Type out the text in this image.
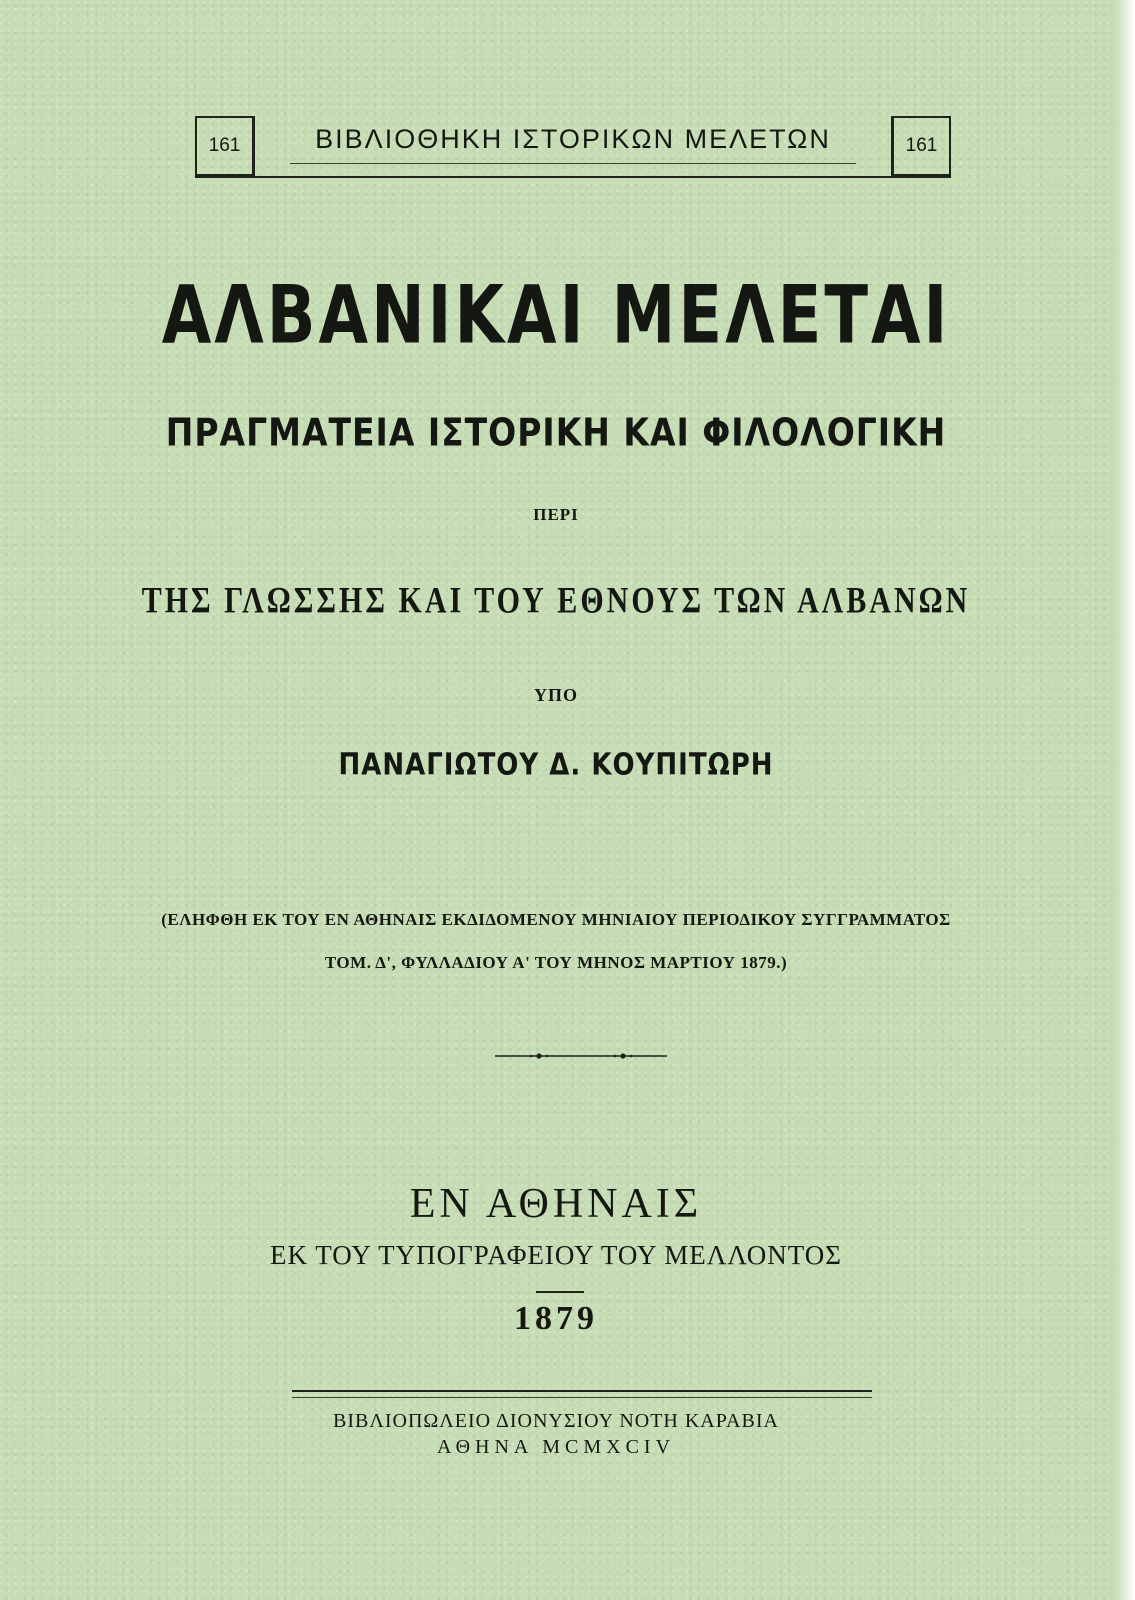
161	ΒΙΒΛΙΟΘΗΚΗ ΙΣΤΟΡΙΚΩΝ ΜΕΛΕΤΩΝ	161
ΑΛΒΑΝΙΚΑΙ ΜΕΛΕΤΑΙ
ΠΡΑΓΜΑΤΕΙΑ ΙΣΤΟΡΙΚΗ ΚΑΙ ΦΙΛΟΛΟΓΙΚΗ
ΠΕΡΙ
ΤΗΣ ΓΛΩΣΣΗΣ ΚΑΙ ΤΟΥ ΕΘΝΟΥΣ ΤΩΝ ΑΛΒΑΝΩΝ
ΥΠΟ
ΠΑΝΑΓΙΩΤΟΥ Δ. ΚΟΥΠΙΤΩΡΗ
(ΕΛΗΦΘΗ ΕΚ ΤΟΥ ΕΝ ΑΘΗΝΑΙΣ ΕΚΔΙΔΟΜΕΝΟΥ ΜΗΝΙΑΙΟΥ ΠΕΡΙΟΔΙΚΟΥ ΣΥΓΓΡΑΜΜΑΤΟΣ
ΤΟΜ. Δ', ΦΥΛΛΑΔΙΟΥ Α' ΤΟΥ ΜΗΝΟΣ ΜΑΡΤΙΟΥ 1879.)
ΕΝ ΑΘΗΝΑΙΣ
ΕΚ ΤΟΥ ΤΥΠΟΓΡΑΦΕΙΟΥ ΤΟΥ ΜΕΛΛΟΝΤΟΣ
1879
ΒΙΒΛΙΟΠΩΛΕΙΟ ΔΙΟΝΥΣΙΟΥ ΝΟΤΗ ΚΑΡΑΒΙΑ
ΑΘΗΝΑ ΜCMXCIV
